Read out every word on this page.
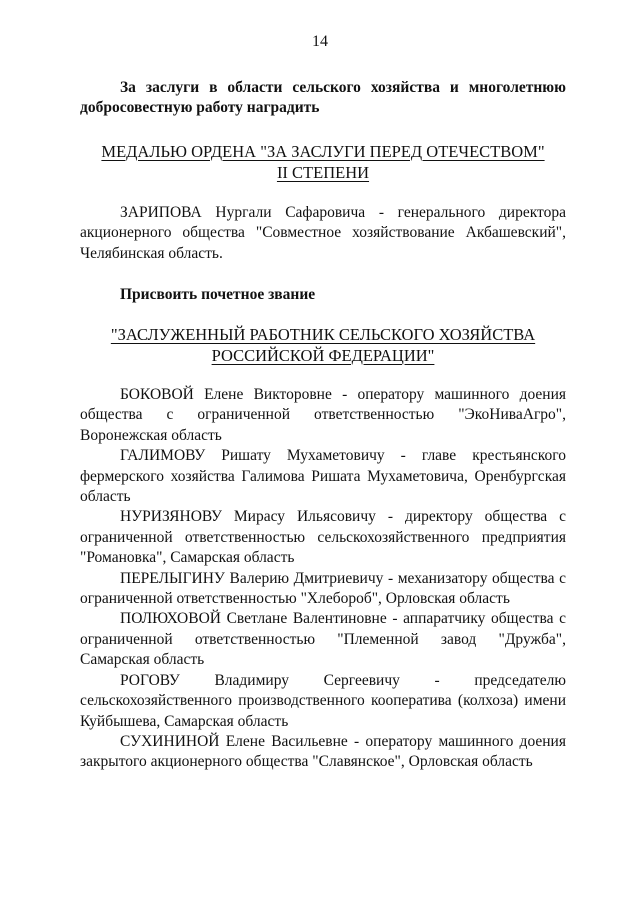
14

За заслуги в области сельского хозяйства и многолетнюю добросовестную работу наградить

МЕДАЛЬЮ ОРДЕНА "ЗА ЗАСЛУГИ ПЕРЕД ОТЕЧЕСТВОМ"
II СТЕПЕНИ

ЗАРИПОВА Нургали Сафаровича - генерального директора акционерного общества "Совместное хозяйствование Акбашевский", Челябинская область.

Присвоить почетное звание

"ЗАСЛУЖЕННЫЙ РАБОТНИК СЕЛЬСКОГО ХОЗЯЙСТВА
РОССИЙСКОЙ ФЕДЕРАЦИИ"

БОКОВОЙ Елене Викторовне - оператору машинного доения общества с ограниченной ответственностью "ЭкоНиваАгро", Воронежская область

ГАЛИМОВУ Ришату Мухаметовичу - главе крестьянского фермерского хозяйства Галимова Ришата Мухаметовича, Оренбургская область

НУРИЗЯНОВУ Мирасу Ильясовичу - директору общества с ограниченной ответственностью сельскохозяйственного предприятия "Романовка", Самарская область

ПЕРЕЛЫГИНУ Валерию Дмитриевичу - механизатору общества с ограниченной ответственностью "Хлебороб", Орловская область

ПОЛЮХОВОЙ Светлане Валентиновне - аппаратчику общества с ограниченной ответственностью "Племенной завод "Дружба", Самарская область

РОГОВУ Владимиру Сергеевичу - председателю сельскохозяйственного производственного кооператива (колхоза) имени Куйбышева, Самарская область

СУХИНИНОЙ Елене Васильевне - оператору машинного доения закрытого акционерного общества "Славянское", Орловская область
